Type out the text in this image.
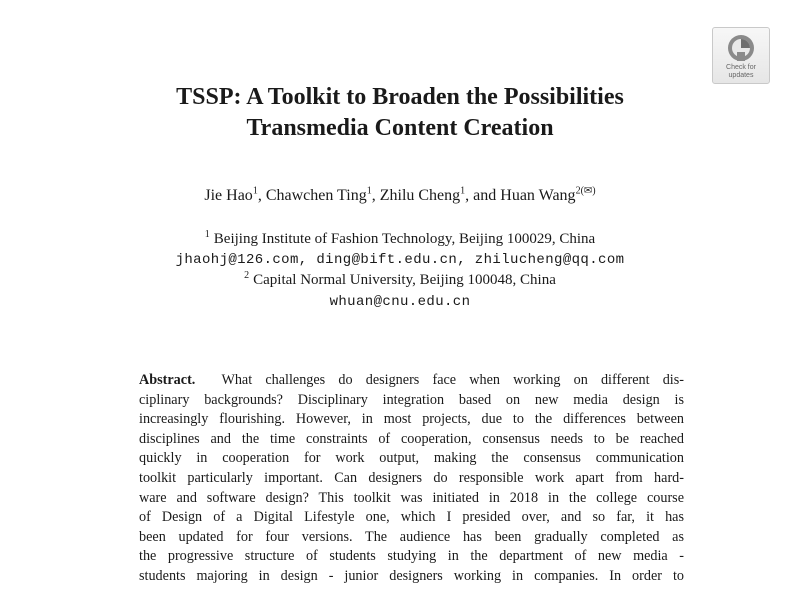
Check for
updates
TSSP: A Toolkit to Broaden the Possibilities
Transmedia Content Creation
Jie Hao$^1$, Chawchen Ting$^1$, Zhilu Cheng$^1$, and Huan Wang$^{2(✉)}$
$^1$ Beijing Institute of Fashion Technology, Beijing 100029, China
jhaohj@126.com, ding@bift.edu.cn, zhilucheng@qq.com
$^2$ Capital Normal University, Beijing 100048, China
whuan@cnu.edu.cn
Abstract. What challenges do designers face when working on different dis-
ciplinary backgrounds? Disciplinary integration based on new media design is
increasingly flourishing. However, in most projects, due to the differences between
disciplines and the time constraints of cooperation, consensus needs to be reached
quickly in cooperation for work output, making the consensus communication
toolkit particularly important. Can designers do responsible work apart from hard-
ware and software design? This toolkit was initiated in 2018 in the college course
of Design of a Digital Lifestyle one, which I presided over, and so far, it has
been updated for four versions. The audience has been gradually completed as
the progressive structure of students studying in the department of new media -
students majoring in design - junior designers working in companies. In order to
